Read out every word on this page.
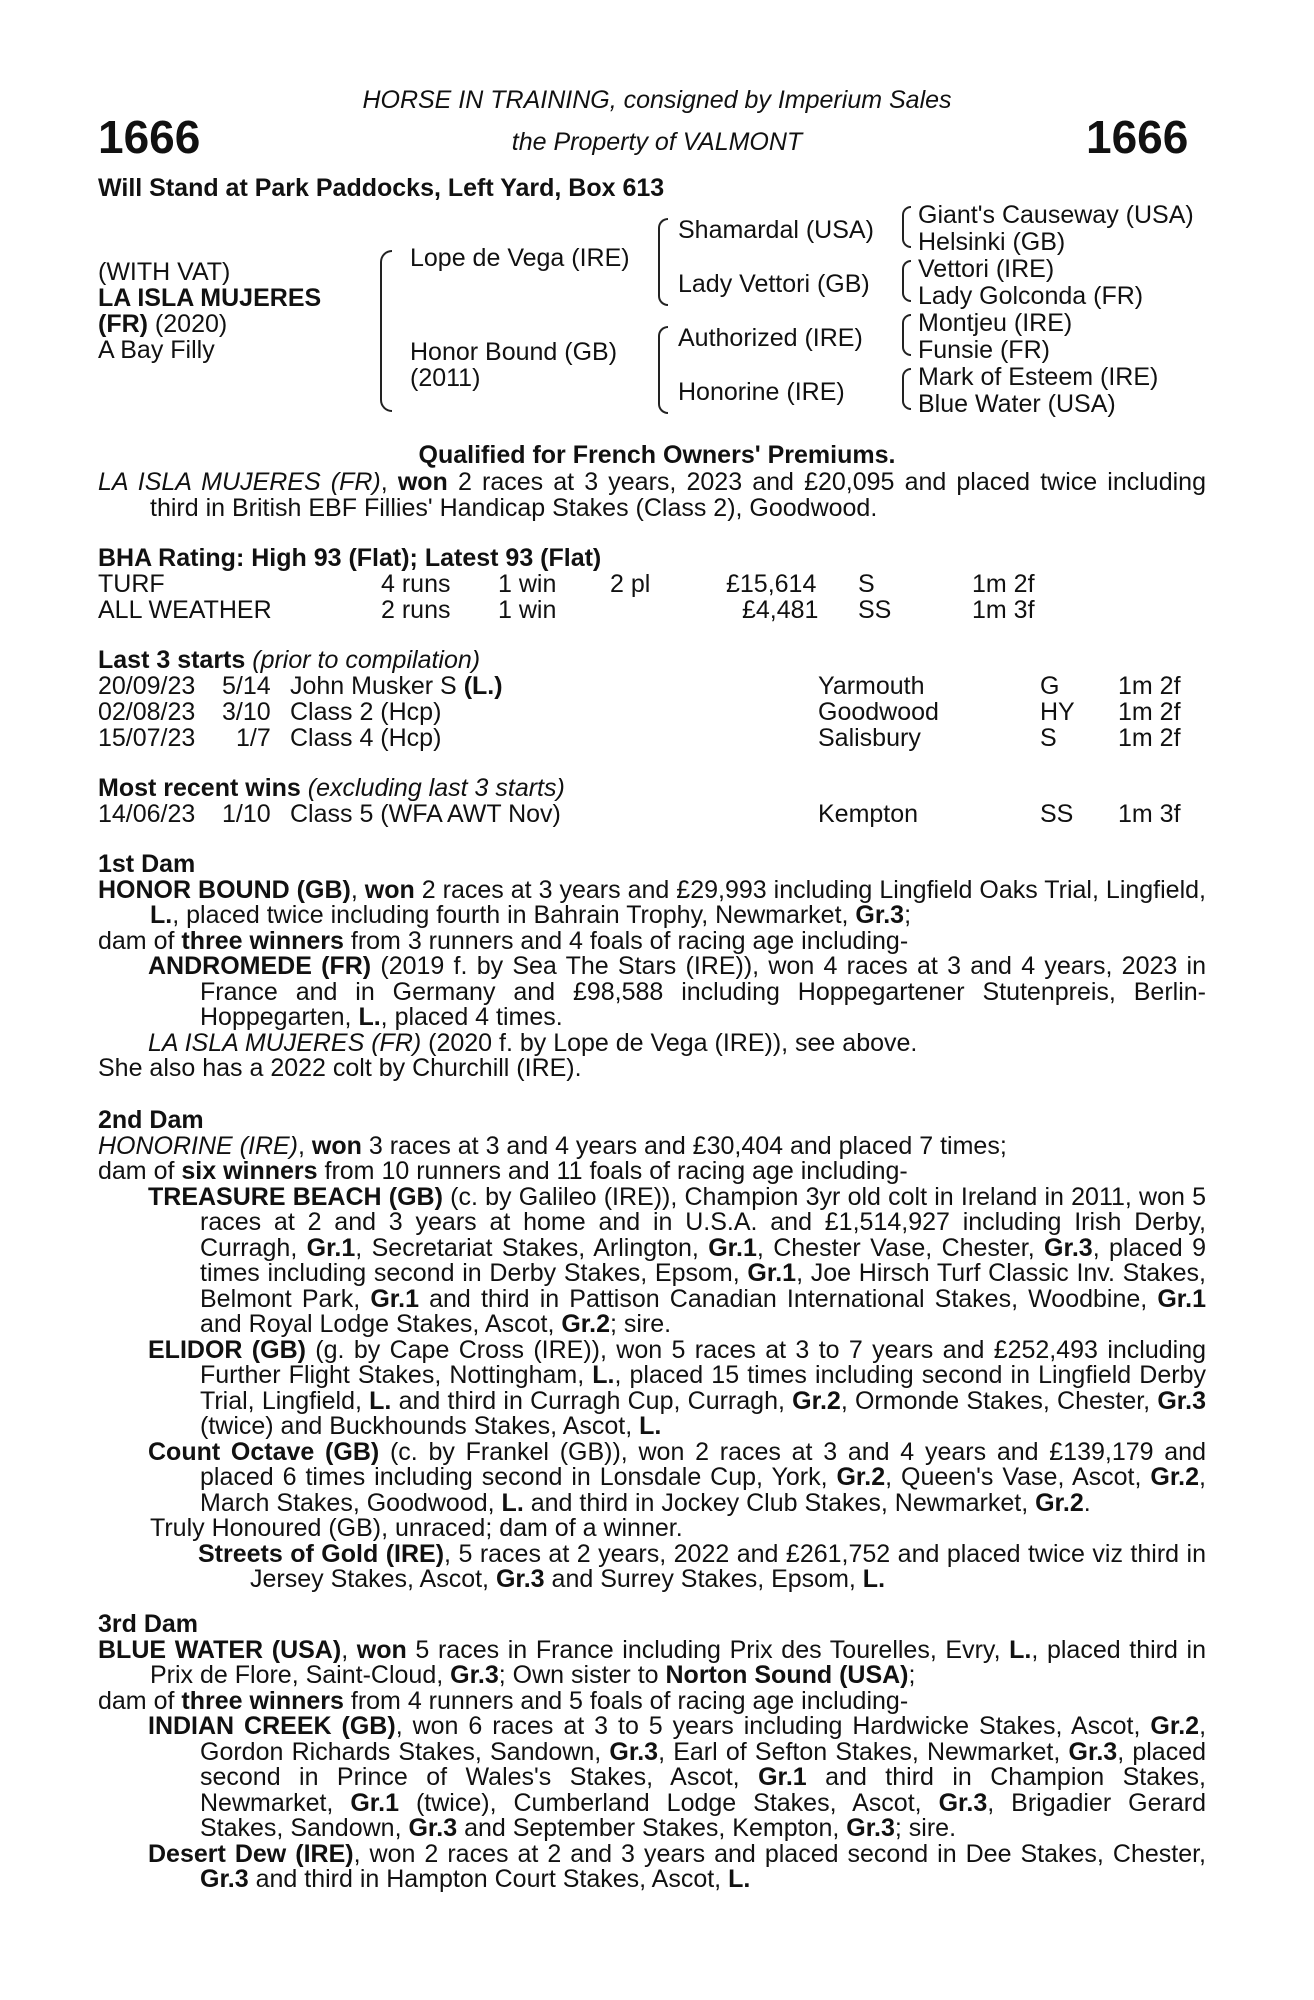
1666	1666
HORSE IN TRAINING, consigned by Imperium Sales
the Property of VALMONT
Will Stand at Park Paddocks, Left Yard, Box 613
(WITH VAT)
LA ISLA MUJERES
(FR) (2020)
A Bay Filly
Lope de Vega (IRE)
Honor Bound (GB)
(2011)
Shamardal (USA)
Lady Vettori (GB)
Authorized (IRE)
Honorine (IRE)
Giant's Causeway (USA)
Helsinki (GB)
Vettori (IRE)
Lady Golconda (FR)
Montjeu (IRE)
Funsie (FR)
Mark of Esteem (IRE)
Blue Water (USA)
Qualified for French Owners' Premiums.

LA ISLA MUJERES (FR), won 2 races at 3 years, 2023 and £20,095 and placed twice including third in British EBF Fillies' Handicap Stakes (Class 2), Goodwood.

BHA Rating: High 93 (Flat); Latest 93 (Flat)
TURF	4 runs 1 win 2 pl	£15,614 S	1m 2f
ALL WEATHER	2 runs 1 win	£4,481 SS	1m 3f
Last 3 starts (prior to compilation)
20/09/23 5/14 John Musker S (L.)	Yarmouth	G 1m 2f
02/08/23 3/10 Class 2 (Hcp)	Goodwood	HY 1m 2f
15/07/23 1/7 Class 4 (Hcp)	Salisbury	S 1m 2f
Most recent wins (excluding last 3 starts)
14/06/23 1/10 Class 5 (WFA AWT Nov)	Kempton	SS 1m 3f

1st Dam

HONOR BOUND (GB), won 2 races at 3 years and £29,993 including Lingfield Oaks Trial, Lingfield, L., placed twice including fourth in Bahrain Trophy, Newmarket, Gr.3;

dam of three winners from 3 runners and 4 foals of racing age including-

ANDROMEDE (FR) (2019 f. by Sea The Stars (IRE)), won 4 races at 3 and 4 years, 2023 in France and in Germany and £98,588 including Hoppegartener Stutenpreis, Berlin-Hoppegarten, L., placed 4 times.

LA ISLA MUJERES (FR) (2020 f. by Lope de Vega (IRE)), see above.

She also has a 2022 colt by Churchill (IRE).

2nd Dam

HONORINE (IRE), won 3 races at 3 and 4 years and £30,404 and placed 7 times;

dam of six winners from 10 runners and 11 foals of racing age including-

TREASURE BEACH (GB) (c. by Galileo (IRE)), Champion 3yr old colt in Ireland in 2011, won 5 races at 2 and 3 years at home and in U.S.A. and £1,514,927 including Irish Derby, Curragh, Gr.1, Secretariat Stakes, Arlington, Gr.1, Chester Vase, Chester, Gr.3, placed 9 times including second in Derby Stakes, Epsom, Gr.1, Joe Hirsch Turf Classic Inv. Stakes, Belmont Park, Gr.1 and third in Pattison Canadian International Stakes, Woodbine, Gr.1 and Royal Lodge Stakes, Ascot, Gr.2; sire.

ELIDOR (GB) (g. by Cape Cross (IRE)), won 5 races at 3 to 7 years and £252,493 including Further Flight Stakes, Nottingham, L., placed 15 times including second in Lingfield Derby Trial, Lingfield, L. and third in Curragh Cup, Curragh, Gr.2, Ormonde Stakes, Chester, Gr.3 (twice) and Buckhounds Stakes, Ascot, L.

Count Octave (GB) (c. by Frankel (GB)), won 2 races at 3 and 4 years and £139,179 and placed 6 times including second in Lonsdale Cup, York, Gr.2, Queen's Vase, Ascot, Gr.2, March Stakes, Goodwood, L. and third in Jockey Club Stakes, Newmarket, Gr.2.

Truly Honoured (GB), unraced; dam of a winner.

Streets of Gold (IRE), 5 races at 2 years, 2022 and £261,752 and placed twice viz third in Jersey Stakes, Ascot, Gr.3 and Surrey Stakes, Epsom, L.

3rd Dam

BLUE WATER (USA), won 5 races in France including Prix des Tourelles, Evry, L., placed third in Prix de Flore, Saint-Cloud, Gr.3; Own sister to Norton Sound (USA);

dam of three winners from 4 runners and 5 foals of racing age including-

INDIAN CREEK (GB), won 6 races at 3 to 5 years including Hardwicke Stakes, Ascot, Gr.2, Gordon Richards Stakes, Sandown, Gr.3, Earl of Sefton Stakes, Newmarket, Gr.3, placed second in Prince of Wales's Stakes, Ascot, Gr.1 and third in Champion Stakes, Newmarket, Gr.1 (twice), Cumberland Lodge Stakes, Ascot, Gr.3, Brigadier Gerard Stakes, Sandown, Gr.3 and September Stakes, Kempton, Gr.3; sire.

Desert Dew (IRE), won 2 races at 2 and 3 years and placed second in Dee Stakes, Chester, Gr.3 and third in Hampton Court Stakes, Ascot, L.
